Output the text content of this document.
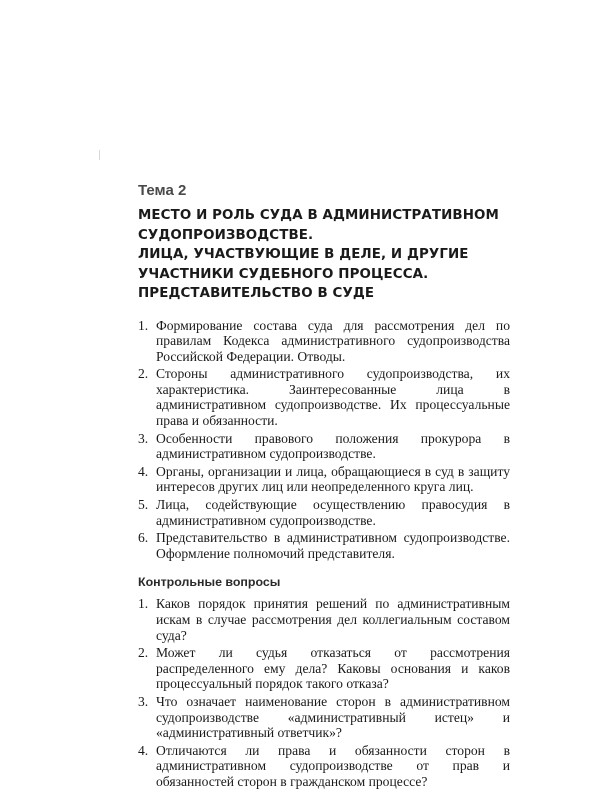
Тема 2
МЕСТО И РОЛЬ СУДА В АДМИНИСТРАТИВНОМ
СУДОПРОИЗВОДСТВЕ.
ЛИЦА, УЧАСТВУЮЩИЕ В ДЕЛЕ, И ДРУГИЕ
УЧАСТНИКИ СУДЕБНОГО ПРОЦЕССА.
ПРЕДСТАВИТЕЛЬСТВО В СУДЕ
1. Формирование состава суда для рассмотрения дел по правилам Кодекса административного судопроизводства Российской Федерации. Отводы.
2. Стороны административного судопроизводства, их характеристика. Заинтересованные лица в административном судопроизводстве. Их процессуальные права и обязанности.
3. Особенности правового положения прокурора в административном судопроизводстве.
4. Органы, организации и лица, обращающиеся в суд в защиту интересов других лиц или неопределенного круга лиц.
5. Лица, содействующие осуществлению правосудия в административном судопроизводстве.
6. Представительство в административном судопроизводстве. Оформление полномочий представителя.
Контрольные вопросы
1. Каков порядок принятия решений по административным искам в случае рассмотрения дел коллегиальным составом суда?
2. Может ли судья отказаться от рассмотрения распределенного ему дела? Каковы основания и каков процессуальный порядок такого отказа?
3. Что означает наименование сторон в административном судопроизводстве «административный истец» и «административный ответчик»?
4. Отличаются ли права и обязанности сторон в административном судопроизводстве от прав и обязанностей сторон в гражданском процессе?
